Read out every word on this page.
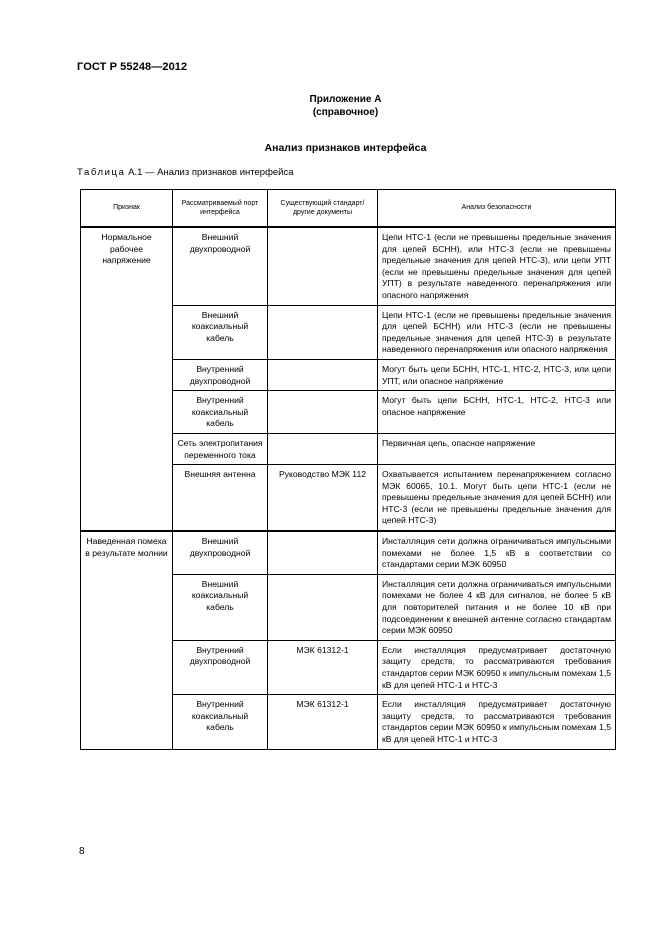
ГОСТ Р 55248—2012
Приложение А
(справочное)
Анализ признаков интерфейса
Таблица А.1 — Анализ признаков интерфейса
Признак	Рассматриваемый порт интерфейса	Существующий стандарт/другие документы	Анализ безопасности
Нормальное рабочее напряжение	Внешний двухпроводной		Цепи НТС-1 (если не превышены предельные значения для цепей БСНН), или НТС-3 (если не превышены предельные значения для цепей НТС-3), или цепи УПТ (если не превышены предельные значения для цепей УПТ) в результате наведенного перенапряжения или опасного напряжения
	Внешний коаксиальный кабель		Цепи НТС-1 (если не превышены предельные значения для цепей БСНН) или НТС-3 (если не превышены предельные значения для цепей НТС-3) в результате наведенного перенапряжения или опасного напряжения
	Внутренний двухпроводной		Могут быть цепи БСНН, НТС-1, НТС-2, НТС-3, или цепи УПТ, или опасное напряжение
	Внутренний коаксиальный кабель		Могут быть цепи БСНН, НТС-1, НТС-2, НТС-3 или опасное напряжение
	Сеть электропитания переменного тока		Первичная цепь, опасное напряжение
	Внешняя антенна	Руководство МЭК 112	Охватывается испытанием перенапряжением согласно МЭК 60065, 10.1. Могут быть цепи НТС-1 (если не превышены предельные значения для цепей БСНН) или НТС-3 (если не превышены предельные значения для цепей НТС-3)
Наведенная помеха в результате молнии	Внешний двухпроводной		Инсталляция сети должна ограничиваться импульсными помехами не более 1,5 кВ в соответствии со стандартами серии МЭК 60950
	Внешний коаксиальный кабель		Инсталляция сети должна ограничиваться импульсными помехами не более 4 кВ для сигналов, не более 5 кВ для повторителей питания и не более 10 кВ при подсоединении к внешней антенне согласно стандартам серии МЭК 60950
	Внутренний двухпроводной	МЭК 61312-1	Если инсталляция предусматривает достаточную защиту средств, то рассматриваются требования стандартов серии МЭК 60950 к импульсным помехам 1,5 кВ для цепей НТС-1 и НТС-3
	Внутренний коаксиальный кабель	МЭК 61312-1	Если инсталляция предусматривает достаточную защиту средств, то рассматриваются требования стандартов серии МЭК 60950 к импульсным помехам 1,5 кВ для цепей НТС-1 и НТС-3
8
